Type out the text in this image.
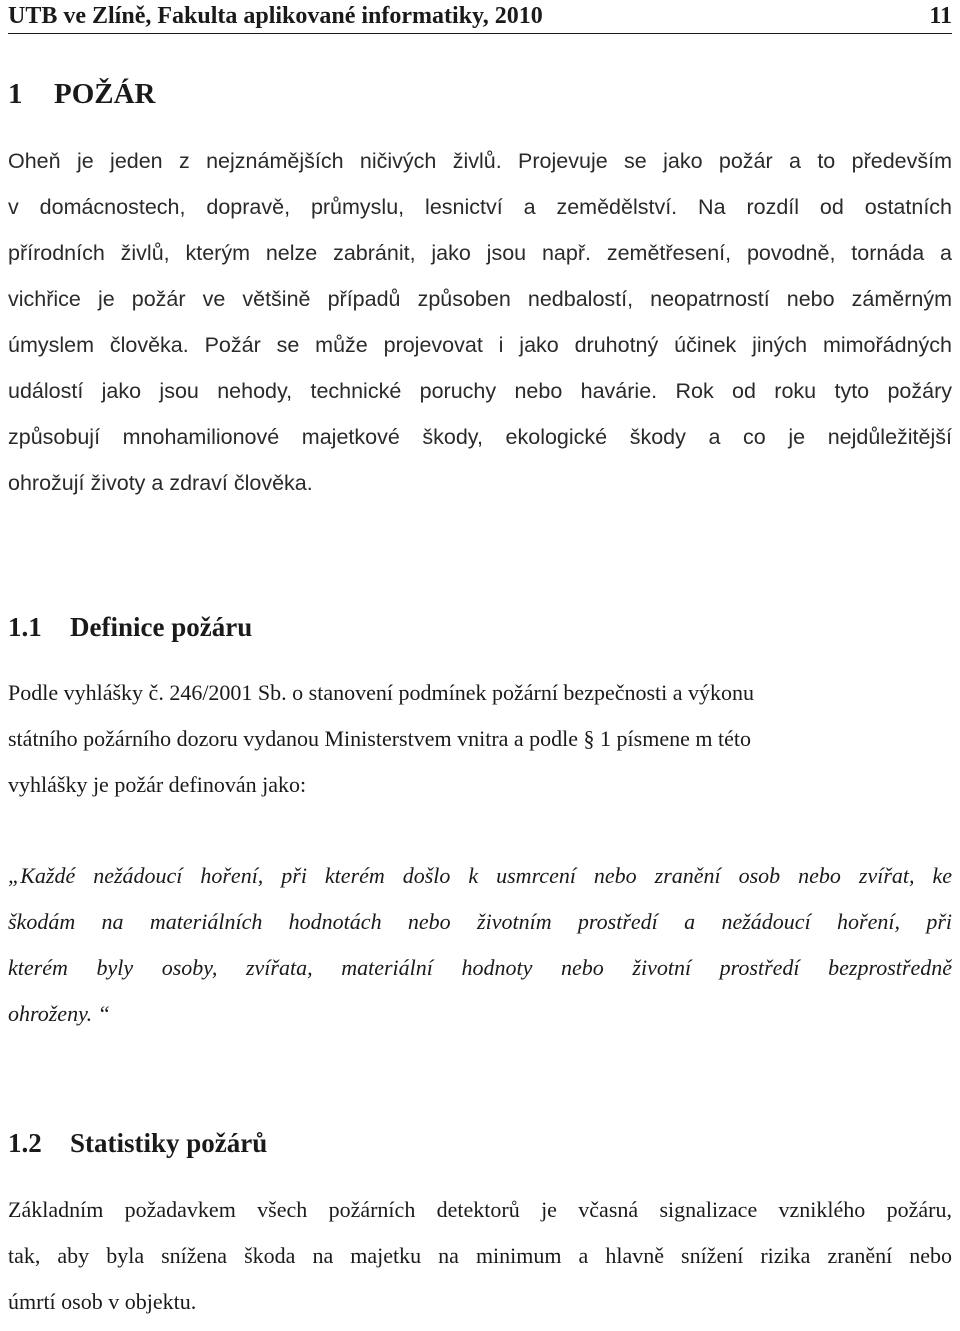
UTB ve Zlíně, Fakulta aplikované informatiky, 2010	11
1 POŽÁR
Oheň je jeden z nejznámějších ničivých živlů. Projevuje se jako požár a to především
v domácnostech, dopravě, průmyslu, lesnictví a zemědělství. Na rozdíl od ostatních
přírodních živlů, kterým nelze zabránit, jako jsou např. zemětřesení, povodně, tornáda a
vichřice je požár ve většině případů způsoben nedbalostí, neopatrností nebo záměrným
úmyslem člověka. Požár se může projevovat i jako druhotný účinek jiných mimořádných
událostí jako jsou nehody, technické poruchy nebo havárie. Rok od roku tyto požáry
způsobují mnohamilionové majetkové škody, ekologické škody a co je nejdůležitější
ohrožují životy a zdraví člověka.
1.1 Definice požáru
Podle vyhlášky č. 246/2001 Sb. o stanovení podmínek požární bezpečnosti a výkonu
státního požárního dozoru vydanou Ministerstvem vnitra a podle § 1 písmene m této
vyhlášky je požár definován jako:
„Každé nežádoucí hoření, při kterém došlo k usmrcení nebo zranění osob nebo zvířat, ke
škodám na materiálních hodnotách nebo životním prostředí a nežádoucí hoření, při
kterém byly osoby, zvířata, materiální hodnoty nebo životní prostředí bezprostředně
ohroženy. “
1.2 Statistiky požárů
Základním požadavkem všech požárních detektorů je včasná signalizace vzniklého požáru,
tak, aby byla snížena škoda na majetku na minimum a hlavně snížení rizika zranění nebo
úmrtí osob v objektu.
